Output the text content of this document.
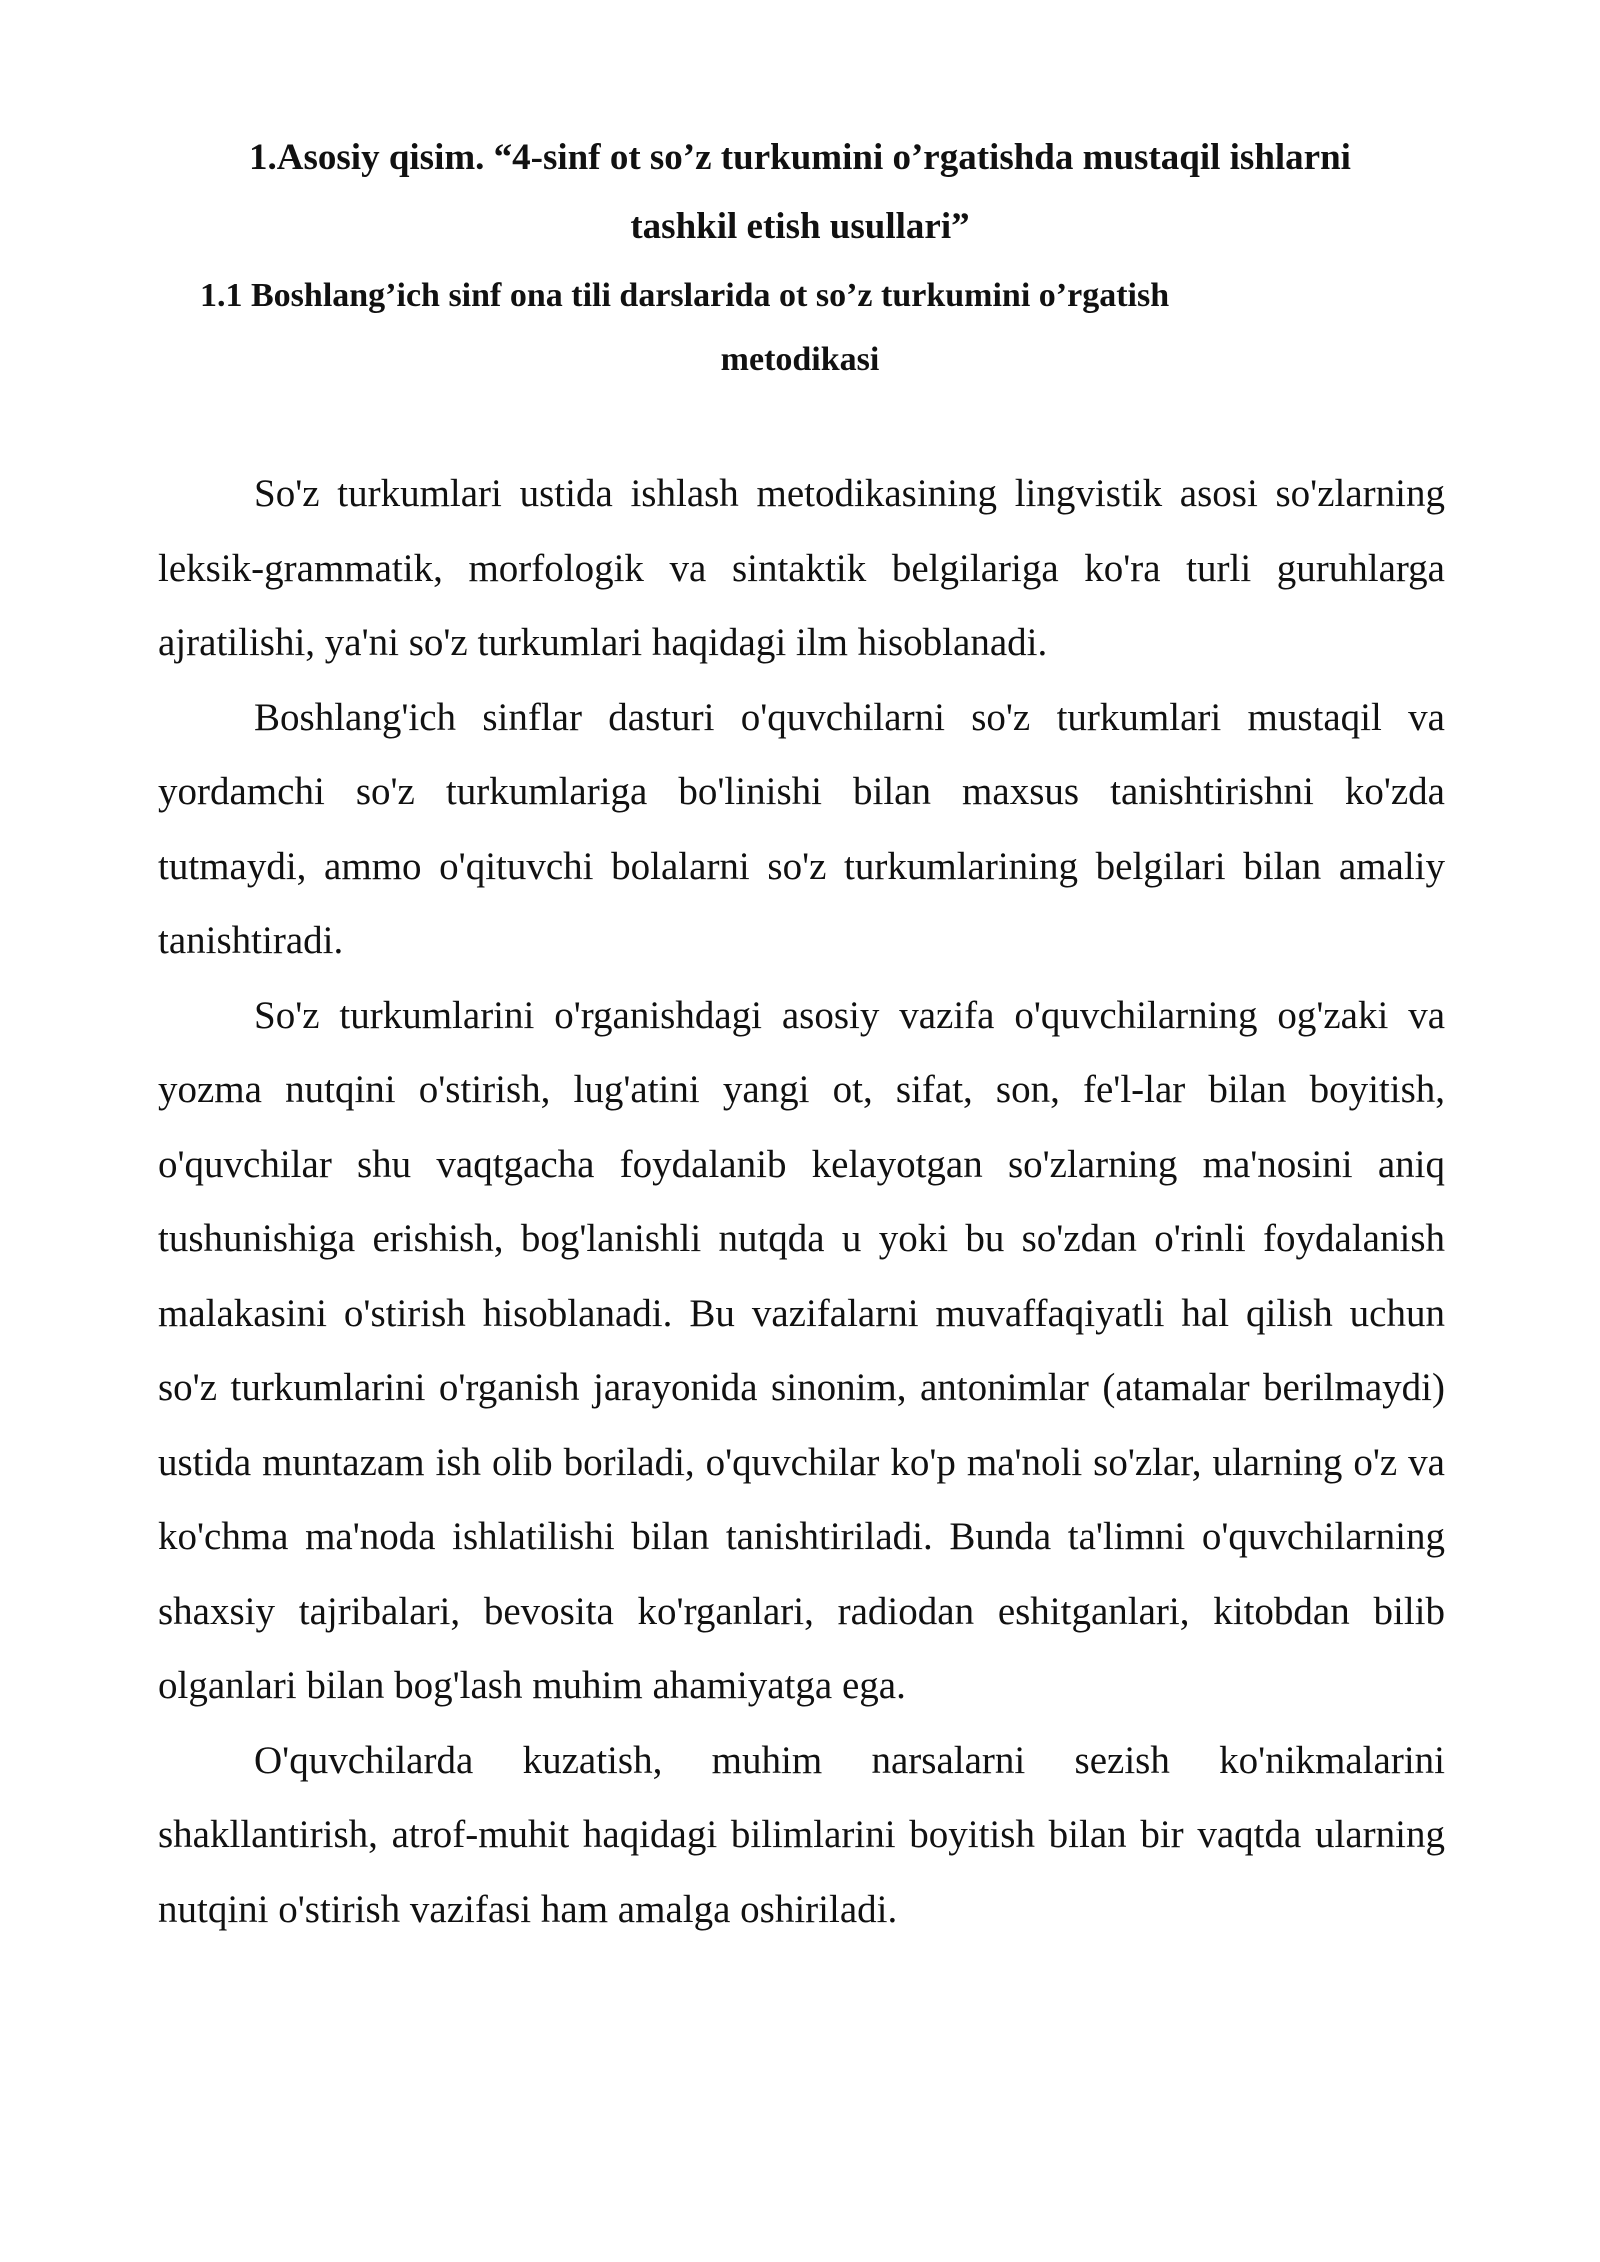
1.Asosiy qisim. “4-sinf ot so’z turkumini o’rgatishda mustaqil ishlarni

tashkil etish usullari”

1.1 Boshlang’ich sinf ona tili darslarida ot so’z turkumini o’rgatish

metodikasi

So'z turkumlari ustida ishlash metodikasining lingvistik asosi so'zlarning leksik-grammatik, morfologik va sintaktik belgilariga ko'ra turli guruhlarga ajratilishi, ya'ni so'z turkumlari haqidagi ilm hisoblanadi.

Boshlang'ich sinflar dasturi o'quvchilarni so'z turkumlari mustaqil va yordamchi so'z turkumlariga bo'linishi bilan maxsus tanishtirishni ko'zda tutmaydi, ammo o'qituvchi bolalarni so'z turkumlarining belgilari bilan amaliy tanishtiradi.

So'z turkumlarini o'rganishdagi asosiy vazifa o'quvchilarning og'zaki va yozma nutqini o'stirish, lug'atini yangi ot, sifat, son, fe'l-lar bilan boyitish, o'quvchilar shu vaqtgacha foydalanib kelayotgan so'zlarning ma'nosini aniq tushunishiga erishish, bog'lanishli nutqda u yoki bu so'zdan o'rinli foydalanish malakasini o'stirish hisoblanadi. Bu vazifalarni muvaffaqiyatli hal qilish uchun so'z turkumlarini o'rganish jarayonida sinonim, antonimlar (atamalar berilmaydi) ustida muntazam ish olib boriladi, o'quvchilar ko'p ma'noli so'zlar, ularning o'z va ko'chma ma'noda ishlatilishi bilan tanishtiriladi. Bunda ta'limni o'quvchilarning shaxsiy tajribalari, bevosita ko'rganlari, radiodan eshitganlari, kitobdan bilib olganlari bilan bog'lash muhim ahamiyatga ega.

O'quvchilarda kuzatish, muhim narsalarni sezish ko'nikmalarini shakllantirish, atrof-muhit haqidagi bilimlarini boyitish bilan bir vaqtda ularning nutqini o'stirish vazifasi ham amalga oshiriladi.
